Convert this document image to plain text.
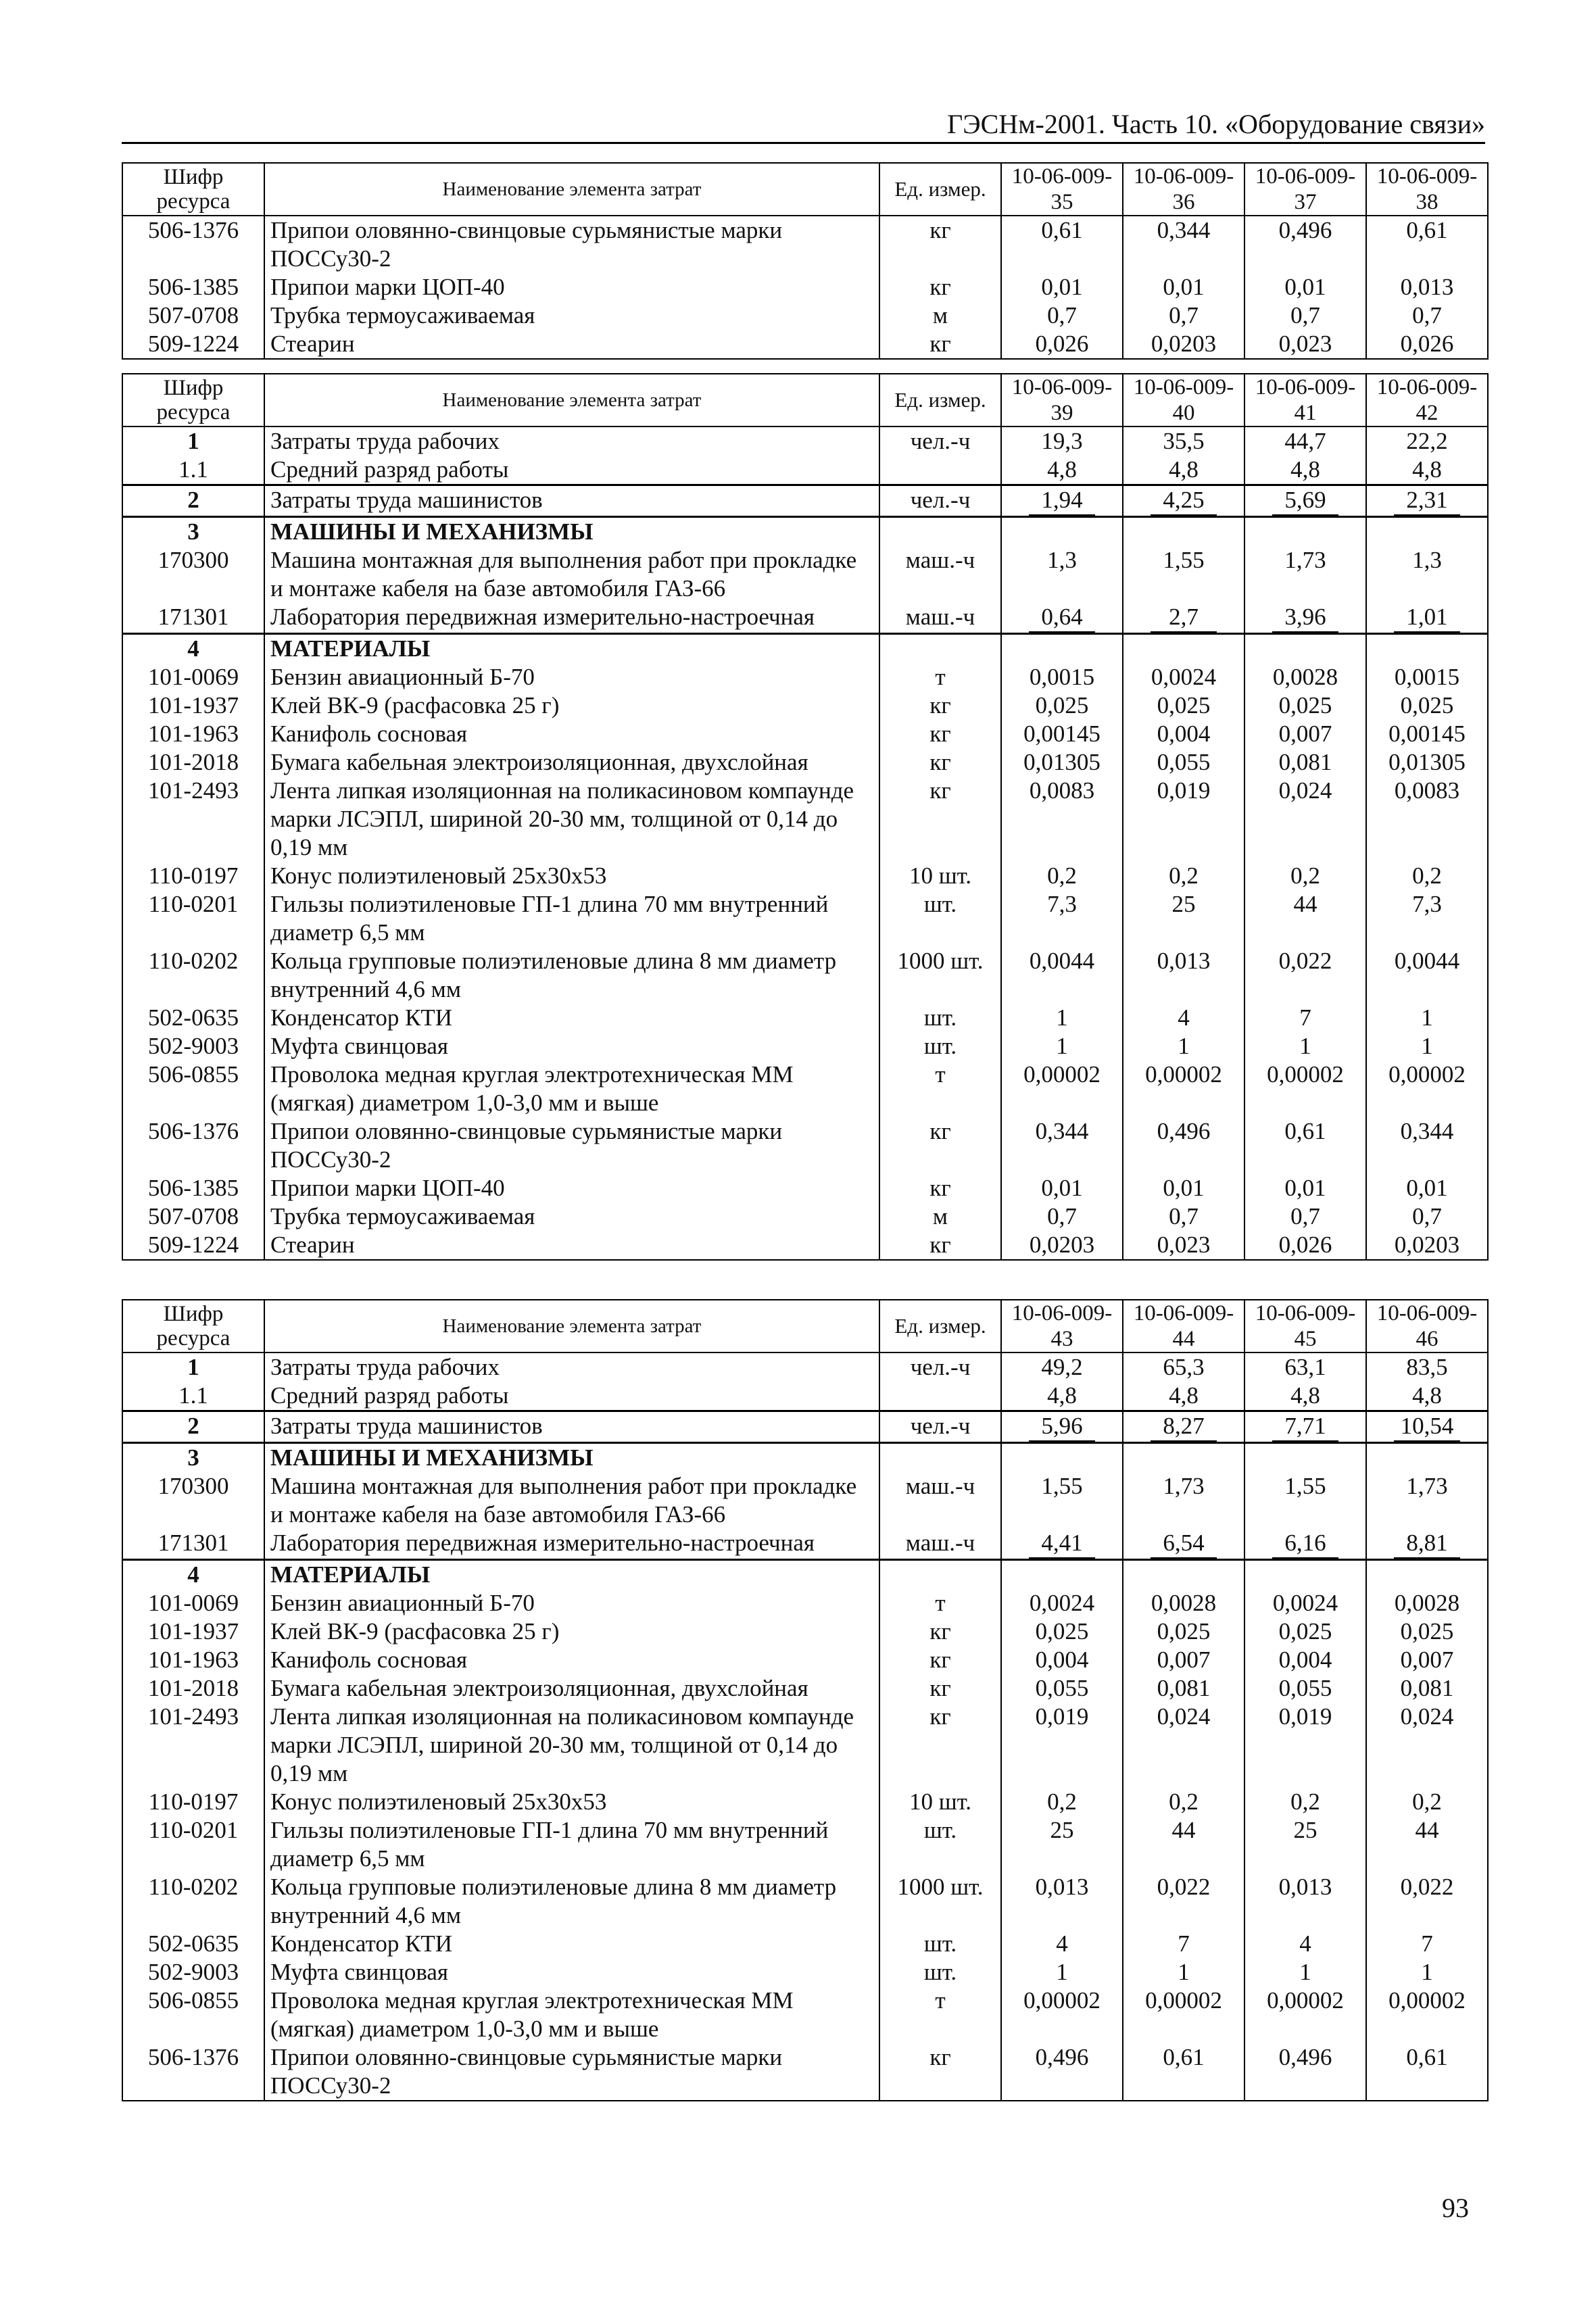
ГЭСНм-2001. Часть 10. «Оборудование связи»
Шифр ресурса	Наименование элемента затрат	Ед. измер.	10-06-009-35	10-06-009-36	10-06-009-37	10-06-009-38
506-1376	Припои оловянно-свинцовые сурьмянистые марки ПОССу30-2	кг	0,61	0,344	0,496	0,61
506-1385	Припои марки ЦОП-40	кг	0,01	0,01	0,01	0,013
507-0708	Трубка термоусаживаемая	м	0,7	0,7	0,7	0,7
509-1224	Стеарин	кг	0,026	0,0203	0,023	0,026
Шифр ресурса	Наименование элемента затрат	Ед. измер.	10-06-009-39	10-06-009-40	10-06-009-41	10-06-009-42
1	Затраты труда рабочих	чел.-ч	19,3	35,5	44,7	22,2
1.1	Средний разряд работы		4,8	4,8	4,8	4,8
2	Затраты труда машинистов	чел.-ч	1,94	4,25	5,69	2,31
3	МАШИНЫ И МЕХАНИЗМЫ					
170300	Машина монтажная для выполнения работ при прокладке и монтаже кабеля на базе автомобиля ГАЗ-66	маш.-ч	1,3	1,55	1,73	1,3
171301	Лаборатория передвижная измерительно-настроечная	маш.-ч	0,64	2,7	3,96	1,01
4	МАТЕРИАЛЫ					
101-0069	Бензин авиационный Б-70	т	0,0015	0,0024	0,0028	0,0015
101-1937	Клей ВК-9 (расфасовка 25 г)	кг	0,025	0,025	0,025	0,025
101-1963	Канифоль сосновая	кг	0,00145	0,004	0,007	0,00145
101-2018	Бумага кабельная электроизоляционная, двухслойная	кг	0,01305	0,055	0,081	0,01305
101-2493	Лента липкая изоляционная на поликасиновом компаунде марки ЛСЭПЛ, шириной 20-30 мм, толщиной от 0,14 до 0,19 мм	кг	0,0083	0,019	0,024	0,0083
110-0197	Конус полиэтиленовый 25х30х53	10 шт.	0,2	0,2	0,2	0,2
110-0201	Гильзы полиэтиленовые ГП-1 длина 70 мм внутренний диаметр 6,5 мм	шт.	7,3	25	44	7,3
110-0202	Кольца групповые полиэтиленовые длина 8 мм диаметр внутренний 4,6 мм	1000 шт.	0,0044	0,013	0,022	0,0044
502-0635	Конденсатор КТИ	шт.	1	4	7	1
502-9003	Муфта свинцовая	шт.	1	1	1	1
506-0855	Проволока медная круглая электротехническая ММ (мягкая) диаметром 1,0-3,0 мм и выше	т	0,00002	0,00002	0,00002	0,00002
506-1376	Припои оловянно-свинцовые сурьмянистые марки ПОССу30-2	кг	0,344	0,496	0,61	0,344
506-1385	Припои марки ЦОП-40	кг	0,01	0,01	0,01	0,01
507-0708	Трубка термоусаживаемая	м	0,7	0,7	0,7	0,7
509-1224	Стеарин	кг	0,0203	0,023	0,026	0,0203
Шифр ресурса	Наименование элемента затрат	Ед. измер.	10-06-009-43	10-06-009-44	10-06-009-45	10-06-009-46
1	Затраты труда рабочих	чел.-ч	49,2	65,3	63,1	83,5
1.1	Средний разряд работы		4,8	4,8	4,8	4,8
2	Затраты труда машинистов	чел.-ч	5,96	8,27	7,71	10,54
3	МАШИНЫ И МЕХАНИЗМЫ					
170300	Машина монтажная для выполнения работ при прокладке и монтаже кабеля на базе автомобиля ГАЗ-66	маш.-ч	1,55	1,73	1,55	1,73
171301	Лаборатория передвижная измерительно-настроечная	маш.-ч	4,41	6,54	6,16	8,81
4	МАТЕРИАЛЫ					
101-0069	Бензин авиационный Б-70	т	0,0024	0,0028	0,0024	0,0028
101-1937	Клей ВК-9 (расфасовка 25 г)	кг	0,025	0,025	0,025	0,025
101-1963	Канифоль сосновая	кг	0,004	0,007	0,004	0,007
101-2018	Бумага кабельная электроизоляционная, двухслойная	кг	0,055	0,081	0,055	0,081
101-2493	Лента липкая изоляционная на поликасиновом компаунде марки ЛСЭПЛ, шириной 20-30 мм, толщиной от 0,14 до 0,19 мм	кг	0,019	0,024	0,019	0,024
110-0197	Конус полиэтиленовый 25х30х53	10 шт.	0,2	0,2	0,2	0,2
110-0201	Гильзы полиэтиленовые ГП-1 длина 70 мм внутренний диаметр 6,5 мм	шт.	25	44	25	44
110-0202	Кольца групповые полиэтиленовые длина 8 мм диаметр внутренний 4,6 мм	1000 шт.	0,013	0,022	0,013	0,022
502-0635	Конденсатор КТИ	шт.	4	7	4	7
502-9003	Муфта свинцовая	шт.	1	1	1	1
506-0855	Проволока медная круглая электротехническая ММ (мягкая) диаметром 1,0-3,0 мм и выше	т	0,00002	0,00002	0,00002	0,00002
506-1376	Припои оловянно-свинцовые сурьмянистые марки ПОССу30-2	кг	0,496	0,61	0,496	0,61
93
